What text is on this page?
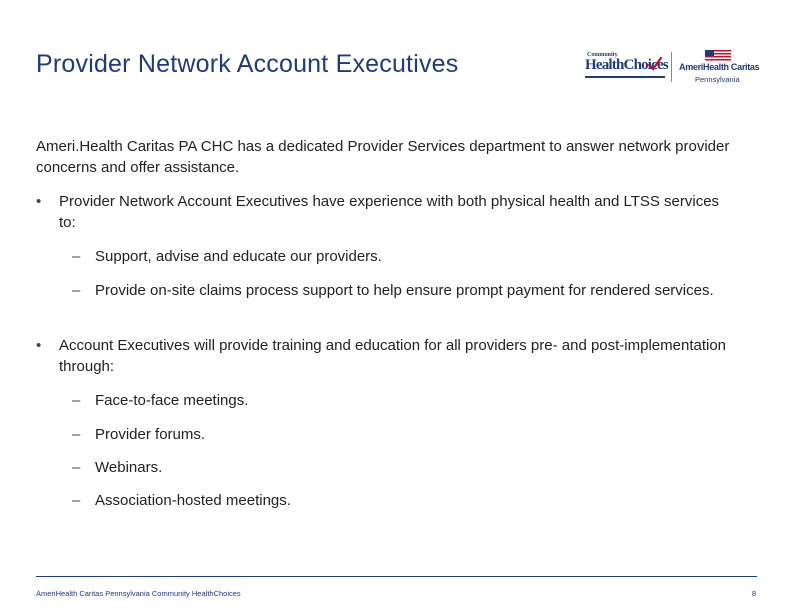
Provider Network Account Executives	Community
HealthChoices AmeriHealth Caritas
Pennsylvania
Ameri.Health Caritas PA CHC has a dedicated Provider Services department to answer network provider concerns and offer assistance.
•	Provider Network Account Executives have experience with both physical health and LTSS services to:
– Support, advise and educate our providers.
– Provide on-site claims process support to help ensure prompt payment for rendered services.
•	Account Executives will provide training and education for all providers pre- and post-implementation through:
– Face-to-face meetings.
– Provider forums.
– Webinars.
– Association-hosted meetings.
AmeriHealth Caritas Pennsylvania Community HealthChoices	8
